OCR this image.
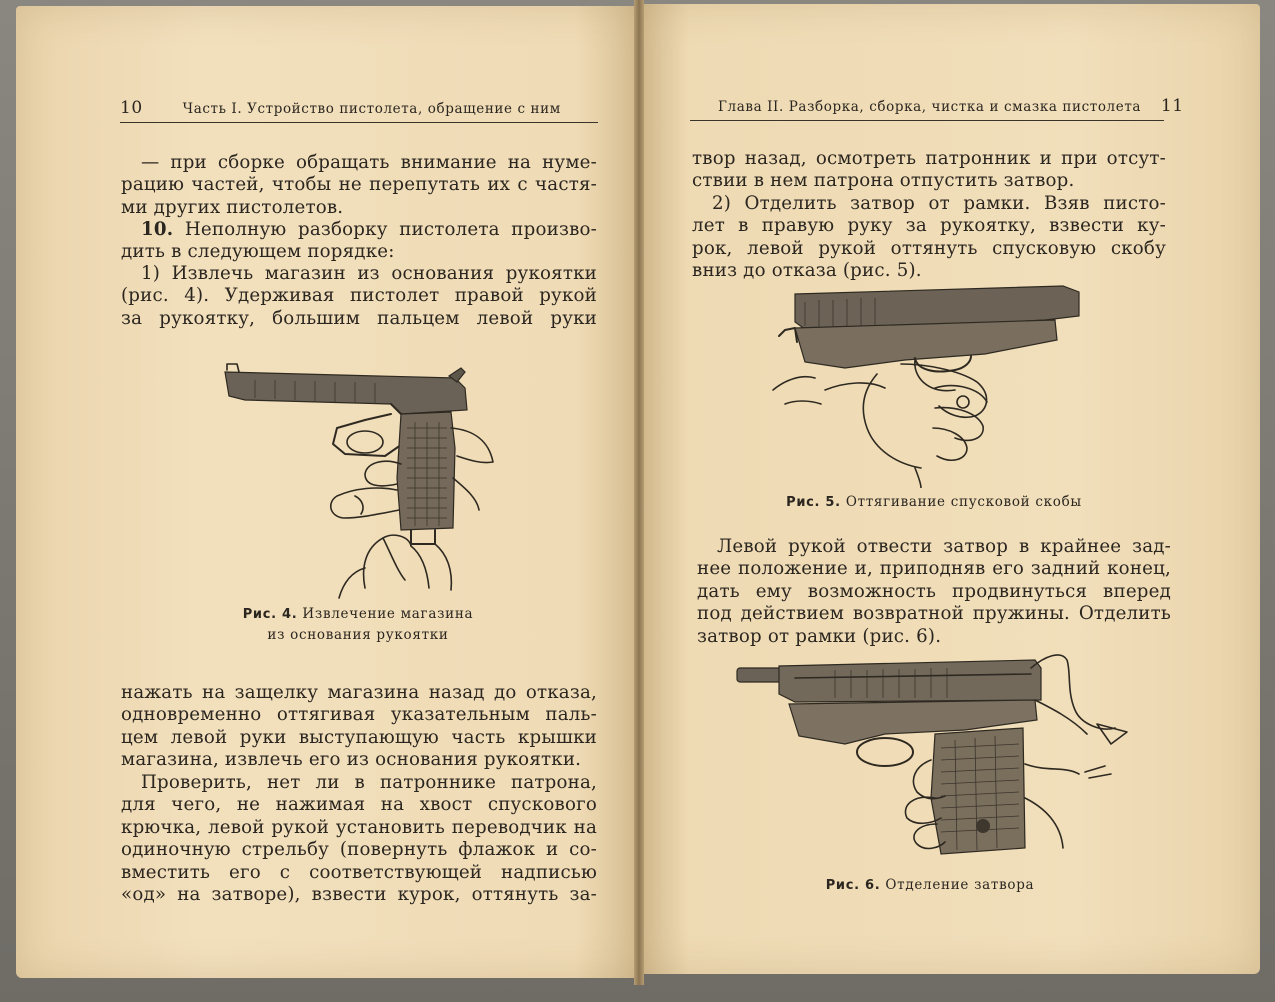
10	Часть I. Устройство пистолета, обращение с ним
— при сборке обращать внимание на нуме-
рацию частей, чтобы не перепутать их с частя-
ми других пистолетов.
10. Неполную разборку пистолета произво-
дить в следующем порядке:
1) Извлечь магазин из основания рукоятки
(рис. 4). Удерживая пистолет правой рукой
за рукоятку, большим пальцем левой руки
Рис. 4. Извлечение магазина
из основания рукоятки
нажать на защелку магазина назад до отказа,
одновременно оттягивая указательным паль-
цем левой руки выступающую часть крышки
магазина, извлечь его из основания рукоятки.
Проверить, нет ли в патроннике патрона,
для чего, не нажимая на хвост спускового
крючка, левой рукой установить переводчик на
одиночную стрельбу (повернуть флажок и со-
вместить его с соответствующей надписью
«од» на затворе), взвести курок, оттянуть за-
Глава II. Разборка, сборка, чистка и смазка пистолета 11
твор назад, осмотреть патронник и при отсут-
ствии в нем патрона отпустить затвор.
2) Отделить затвор от рамки. Взяв писто-
лет в правую руку за рукоятку, взвести ку-
рок, левой рукой оттянуть спусковую скобу
вниз до отказа (рис. 5).
Рис. 5. Оттягивание спусковой скобы
Левой рукой отвести затвор в крайнее зад-
нее положение и, приподняв его задний конец,
дать ему возможность продвинуться вперед
под действием возвратной пружины. Отделить
затвор от рамки (рис. 6).
Рис. 6. Отделение затвора
